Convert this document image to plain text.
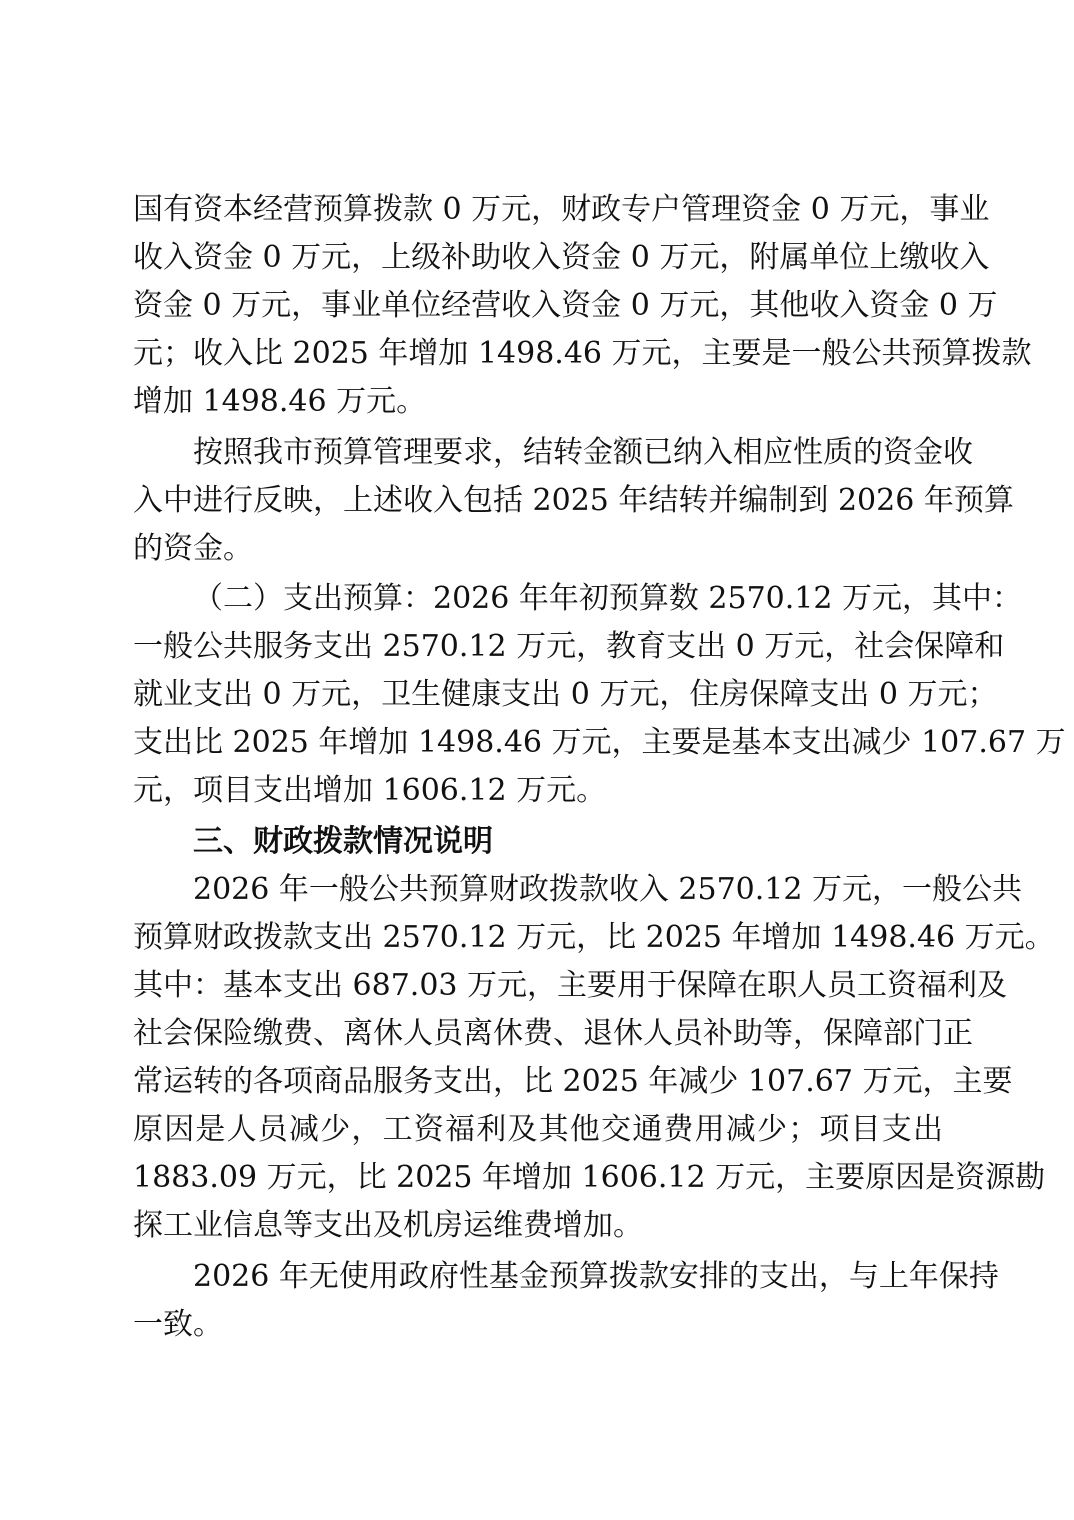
国有资本经营预算拨款 0 万元，财政专户管理资金 0 万元，事业
收入资金 0 万元，上级补助收入资金 0 万元，附属单位上缴收入
资金 0 万元，事业单位经营收入资金 0 万元，其他收入资金 0 万
元；收入比 2025 年增加 1498.46 万元，主要是一般公共预算拨款
增加 1498.46 万元。
按照我市预算管理要求，结转金额已纳入相应性质的资金收
入中进行反映，上述收入包括 2025 年结转并编制到 2026 年预算
的资金。
（二）支出预算：2026 年年初预算数 2570.12 万元，其中：
一般公共服务支出 2570.12 万元，教育支出 0 万元，社会保障和
就业支出 0 万元，卫生健康支出 0 万元，住房保障支出 0 万元；
支出比 2025 年增加 1498.46 万元，主要是基本支出减少 107.67 万
元，项目支出增加 1606.12 万元。
三、财政拨款情况说明
2026 年一般公共预算财政拨款收入 2570.12 万元，一般公共
预算财政拨款支出 2570.12 万元，比 2025 年增加 1498.46 万元。
其中：基本支出 687.03 万元，主要用于保障在职人员工资福利及
社会保险缴费、离休人员离休费、退休人员补助等，保障部门正
常运转的各项商品服务支出，比 2025 年减少 107.67 万元，主要
原因是人员减少，工资福利及其他交通费用减少；项目支出
1883.09 万元，比 2025 年增加 1606.12 万元，主要原因是资源勘
探工业信息等支出及机房运维费增加。
2026 年无使用政府性基金预算拨款安排的支出，与上年保持
一致。
